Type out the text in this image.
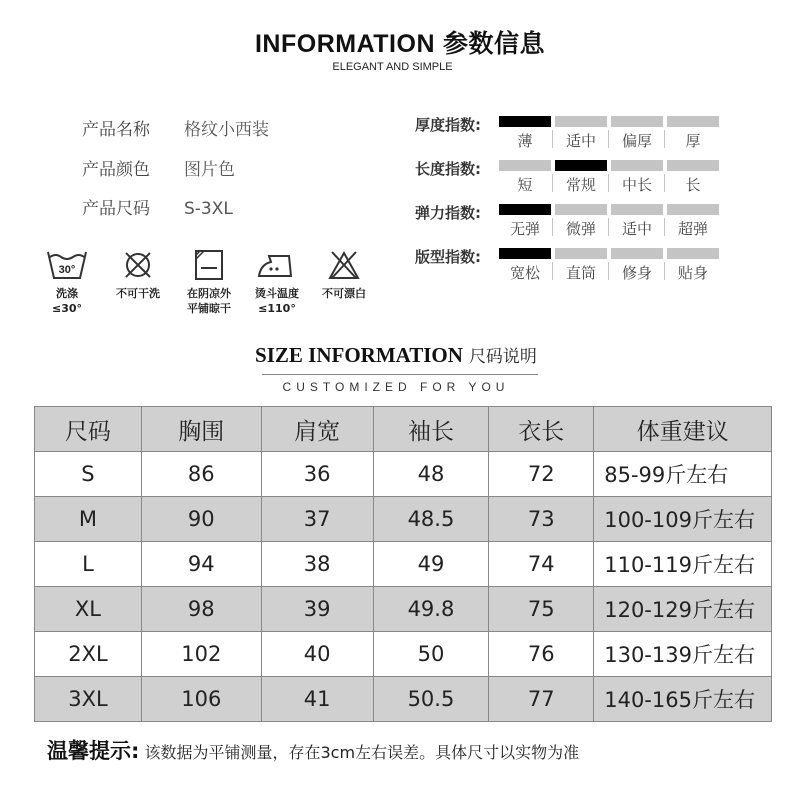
INFORMATION 参数信息
ELEGANT AND SIMPLE
产品名称 格纹小西装
产品颜色 图片色
产品尺码 S-3XL
30°
洗涤
≤30°
不可干洗	在阴凉外
平铺晾干
烫斗温度
≤110°
不可漂白
厚度指数:
薄	适中	偏厚	厚
长度指数:
短	常规	中长	长
弹力指数:
无弹	微弹	适中	超弹
版型指数:
宽松	直筒	修身	贴身
SIZE INFORMATION 尺码说明
CUSTOMIZED FOR YOU
尺码	胸围	肩宽	袖长	衣长	体重建议
S	86	36	48	72	85-99斤左右
M	90	37	48.5	73	100-109斤左右
L	94	38	49	74	110-119斤左右
XL	98	39	49.8	75	120-129斤左右
2XL	102	40	50	76	130-139斤左右
3XL	106	41	50.5	77	140-165斤左右
温馨提示: 该数据为平铺测量，存在3cm左右误差。具体尺寸以实物为准
